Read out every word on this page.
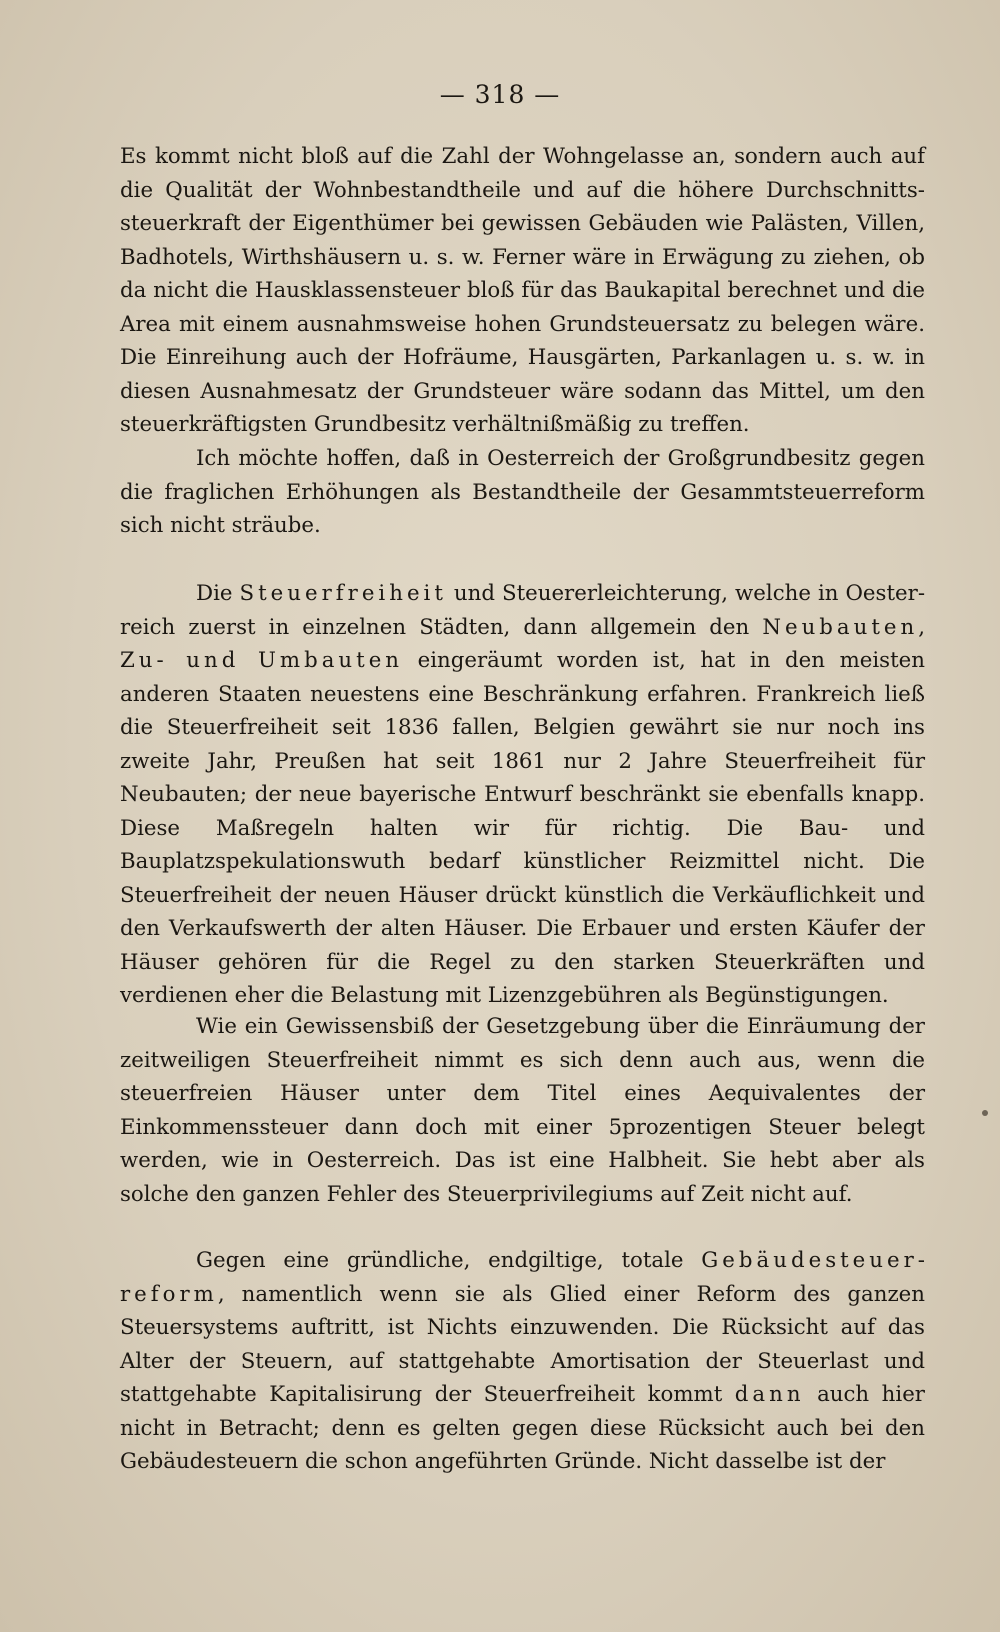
— 318 —

Es kommt nicht bloß auf die Zahl der Wohngelasse an, sondern auch auf die Qualität der Wohnbestandtheile und auf die höhere Durchschnittssteuerkraft der Eigenthümer bei gewissen Gebäuden wie Palästen, Villen, Badhotels, Wirthshäusern u. s. w. Ferner wäre in Erwägung zu ziehen, ob da nicht die Hausklassensteuer bloß für das Baukapital berechnet und die Area mit einem ausnahmsweise hohen Grundsteuersatz zu belegen wäre. Die Einreihung auch der Hofräume, Hausgärten, Parkanlagen u. s. w. in diesen Ausnahmesatz der Grundsteuer wäre sodann das Mittel, um den steuerkräftigsten Grundbesitz verhältnißmäßig zu treffen.

Ich möchte hoffen, daß in Oesterreich der Großgrundbesitz gegen die fraglichen Erhöhungen als Bestandtheile der Gesammtsteuerreform sich nicht sträube.

Die Steuerfreiheit und Steuererleichterung, welche in Oesterreich zuerst in einzelnen Städten, dann allgemein den Neubauten, Zu- und Umbauten eingeräumt worden ist, hat in den meisten anderen Staaten neuestens eine Beschränkung erfahren. Frankreich ließ die Steuerfreiheit seit 1836 fallen, Belgien gewährt sie nur noch ins zweite Jahr, Preußen hat seit 1861 nur 2 Jahre Steuerfreiheit für Neubauten; der neue bayerische Entwurf beschränkt sie ebenfalls knapp. Diese Maßregeln halten wir für richtig. Die Bau- und Bauplatzspekulationswuth bedarf künstlicher Reizmittel nicht. Die Steuerfreiheit der neuen Häuser drückt künstlich die Verkäuflichkeit und den Verkaufswerth der alten Häuser. Die Erbauer und ersten Käufer der Häuser gehören für die Regel zu den starken Steuerkräften und verdienen eher die Belastung mit Lizenzgebühren als Begünstigungen.

Wie ein Gewissensbiß der Gesetzgebung über die Einräumung der zeitweiligen Steuerfreiheit nimmt es sich denn auch aus, wenn die steuerfreien Häuser unter dem Titel eines Aequivalentes der Einkommenssteuer dann doch mit einer 5prozentigen Steuer belegt werden, wie in Oesterreich. Das ist eine Halbheit. Sie hebt aber als solche den ganzen Fehler des Steuerprivilegiums auf Zeit nicht auf.

Gegen eine gründliche, endgiltige, totale Gebäudesteuerreform, namentlich wenn sie als Glied einer Reform des ganzen Steuersystems auftritt, ist Nichts einzuwenden. Die Rücksicht auf das Alter der Steuern, auf stattgehabte Amortisation der Steuerlast und stattgehabte Kapitalisirung der Steuerfreiheit kommt dann auch hier nicht in Betracht; denn es gelten gegen diese Rücksicht auch bei den Gebäudesteuern die schon angeführten Gründe. Nicht dasselbe ist der
